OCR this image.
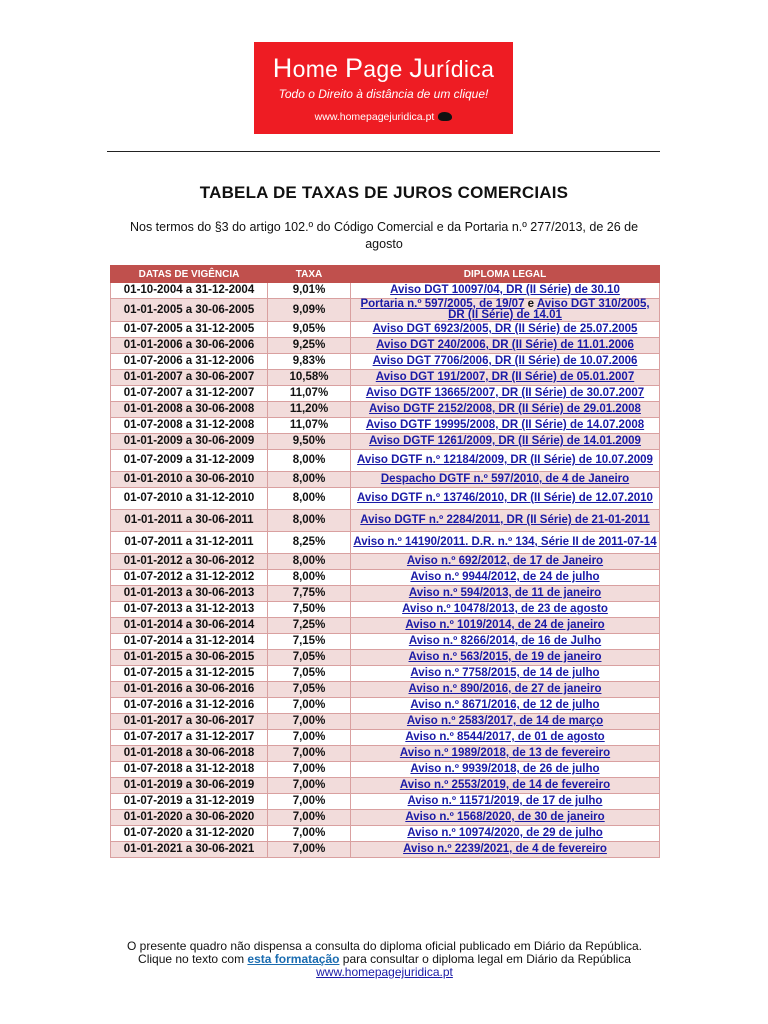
Home Page Jurídica
Todo o Direito à distância de um clique!
www.homepagejuridica.pt
TABELA DE TAXAS DE JUROS COMERCIAIS
Nos termos do §3 do artigo 102.º do Código Comercial e da Portaria n.º 277/2013, de 26 de agosto
DATAS DE VIGÊNCIA	TAXA	DIPLOMA LEGAL
01-10-2004 a 31-12-2004	9,01%	Aviso DGT 10097/04, DR (II Série) de 30.10
01-01-2005 a 30-06-2005	9,09%	Portaria n.º 597/2005, de 19/07 e Aviso DGT 310/2005, DR (II Série) de 14.01
01-07-2005 a 31-12-2005	9,05%	Aviso DGT 6923/2005, DR (II Série) de 25.07.2005
01-01-2006 a 30-06-2006	9,25%	Aviso DGT 240/2006, DR (II Série) de 11.01.2006
01-07-2006 a 31-12-2006	9,83%	Aviso DGT 7706/2006, DR (II Série) de 10.07.2006
01-01-2007 a 30-06-2007	10,58%	Aviso DGT 191/2007, DR (II Série) de 05.01.2007
01-07-2007 a 31-12-2007	11,07%	Aviso DGTF 13665/2007, DR (II Série) de 30.07.2007
01-01-2008 a 30-06-2008	11,20%	Aviso DGTF 2152/2008, DR (II Série) de 29.01.2008
01-07-2008 a 31-12-2008	11,07%	Aviso DGTF 19995/2008, DR (II Série) de 14.07.2008
01-01-2009 a 30-06-2009	9,50%	Aviso DGTF 1261/2009, DR (II Série) de 14.01.2009
01-07-2009 a 31-12-2009	8,00%	Aviso DGTF n.º 12184/2009, DR (II Série) de 10.07.2009
01-01-2010 a 30-06-2010	8,00%	Despacho DGTF n.º 597/2010, de 4 de Janeiro
01-07-2010 a 31-12-2010	8,00%	Aviso DGTF n.º 13746/2010, DR (II Série) de 12.07.2010
01-01-2011 a 30-06-2011	8,00%	Aviso DGTF n.º 2284/2011, DR (II Série) de 21-01-2011
01-07-2011 a 31-12-2011	8,25%	Aviso n.º 14190/2011. D.R. n.º 134, Série II de 2011-07-14
01-01-2012 a 30-06-2012	8,00%	Aviso n.º 692/2012, de 17 de Janeiro
01-07-2012 a 31-12-2012	8,00%	Aviso n.º 9944/2012, de 24 de julho
01-01-2013 a 30-06-2013	7,75%	Aviso n.º 594/2013, de 11 de janeiro
01-07-2013 a 31-12-2013	7,50%	Aviso n.º 10478/2013, de 23 de agosto
01-01-2014 a 30-06-2014	7,25%	Aviso n.º 1019/2014, de 24 de janeiro
01-07-2014 a 31-12-2014	7,15%	Aviso n.º 8266/2014, de 16 de Julho
01-01-2015 a 30-06-2015	7,05%	Aviso n.º 563/2015, de 19 de janeiro
01-07-2015 a 31-12-2015	7,05%	Aviso n.º 7758/2015, de 14 de julho
01-01-2016 a 30-06-2016	7,05%	Aviso n.º 890/2016, de 27 de janeiro
01-07-2016 a 31-12-2016	7,00%	Aviso n.º 8671/2016, de 12 de julho
01-01-2017 a 30-06-2017	7,00%	Aviso n.º 2583/2017, de 14 de março
01-07-2017 a 31-12-2017	7,00%	Aviso n.º 8544/2017, de 01 de agosto
01-01-2018 a 30-06-2018	7,00%	Aviso n.º 1989/2018, de 13 de fevereiro
01-07-2018 a 31-12-2018	7,00%	Aviso n.º 9939/2018, de 26 de julho
01-01-2019 a 30-06-2019	7,00%	Aviso n.º 2553/2019, de 14 de fevereiro
01-07-2019 a 31-12-2019	7,00%	Aviso n.º 11571/2019, de 17 de julho
01-01-2020 a 30-06-2020	7,00%	Aviso n.º 1568/2020, de 30 de janeiro
01-07-2020 a 31-12-2020	7,00%	Aviso n.º 10974/2020, de 29 de julho
01-01-2021 a 30-06-2021	7,00%	Aviso n.º 2239/2021, de 4 de fevereiro
O presente quadro não dispensa a consulta do diploma oficial publicado em Diário da República. Clique no texto com esta formatação para consultar o diploma legal em Diário da República
www.homepagejuridica.pt
